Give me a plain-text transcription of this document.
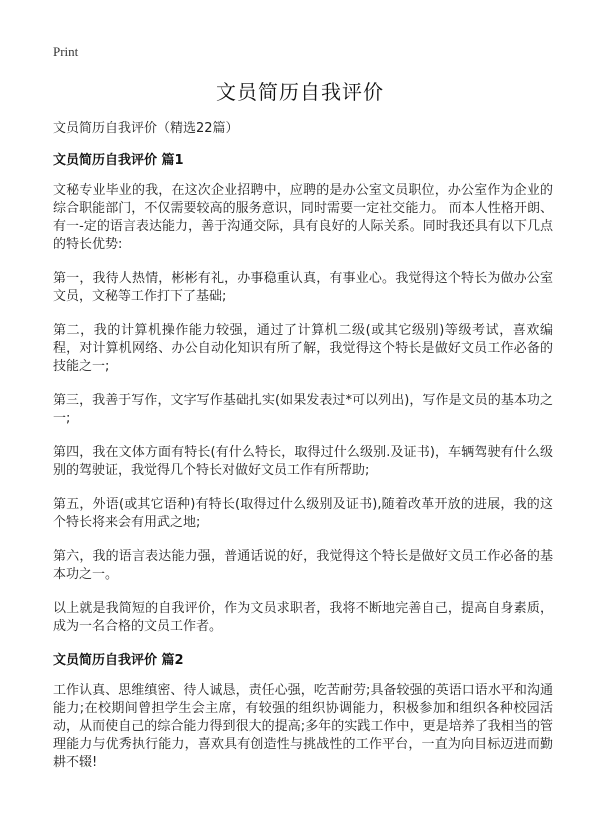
Print
文员简历自我评价

文员简历自我评价（精选22篇）

文员简历自我评价 篇1

文秘专业毕业的我，在这次企业招聘中，应聘的是办公室文员职位，办公室作为企业的综合职能部门，不仅需要较高的服务意识，同时需要一定社交能力。 而本人性格开朗、有一-定的语言表达能力，善于沟通交际，具有良好的人际关系。同时我还具有以下几点的特长优势:

第一，我待人热情，彬彬有礼，办事稳重认真，有事业心。我觉得这个特长为做办公室文员，文秘等工作打下了基础;

第二，我的计算机操作能力较强，通过了计算机二级(或其它级别)等级考试，喜欢编程，对计算机网络、办公自动化知识有所了解，我觉得这个特长是做好文员工作必备的技能之一;

第三，我善于写作，文字写作基础扎实(如果发表过*可以列出)，写作是文员的基本功之一;

第四，我在文体方面有特长(有什么特长，取得过什么级别.及证书)，车辆驾驶有什么级别的驾驶证，我觉得几个特长对做好文员工作有所帮助;

第五，外语(或其它语种)有特长(取得过什么级别及证书),随着改革开放的进展，我的这个特长将来会有用武之地;

第六，我的语言表达能力强，普通话说的好，我觉得这个特长是做好文员工作必备的基本功之一。

以上就是我简短的自我评价，作为文员求职者，我将不断地完善自己，提高自身素质，成为一名合格的文员工作者。

文员简历自我评价 篇2

工作认真、思维缜密、待人诚恳，责任心强，吃苦耐劳;具备较强的英语口语水平和沟通能力;在校期间曾担学生会主席，有较强的组织协调能力，积极参加和组织各种校园活动，从而使自己的综合能力得到很大的提高;多年的实践工作中，更是培养了我相当的管理能力与优秀执行能力，喜欢具有创造性与挑战性的工作平台，一直为向目标迈进而勤耕不辍!
